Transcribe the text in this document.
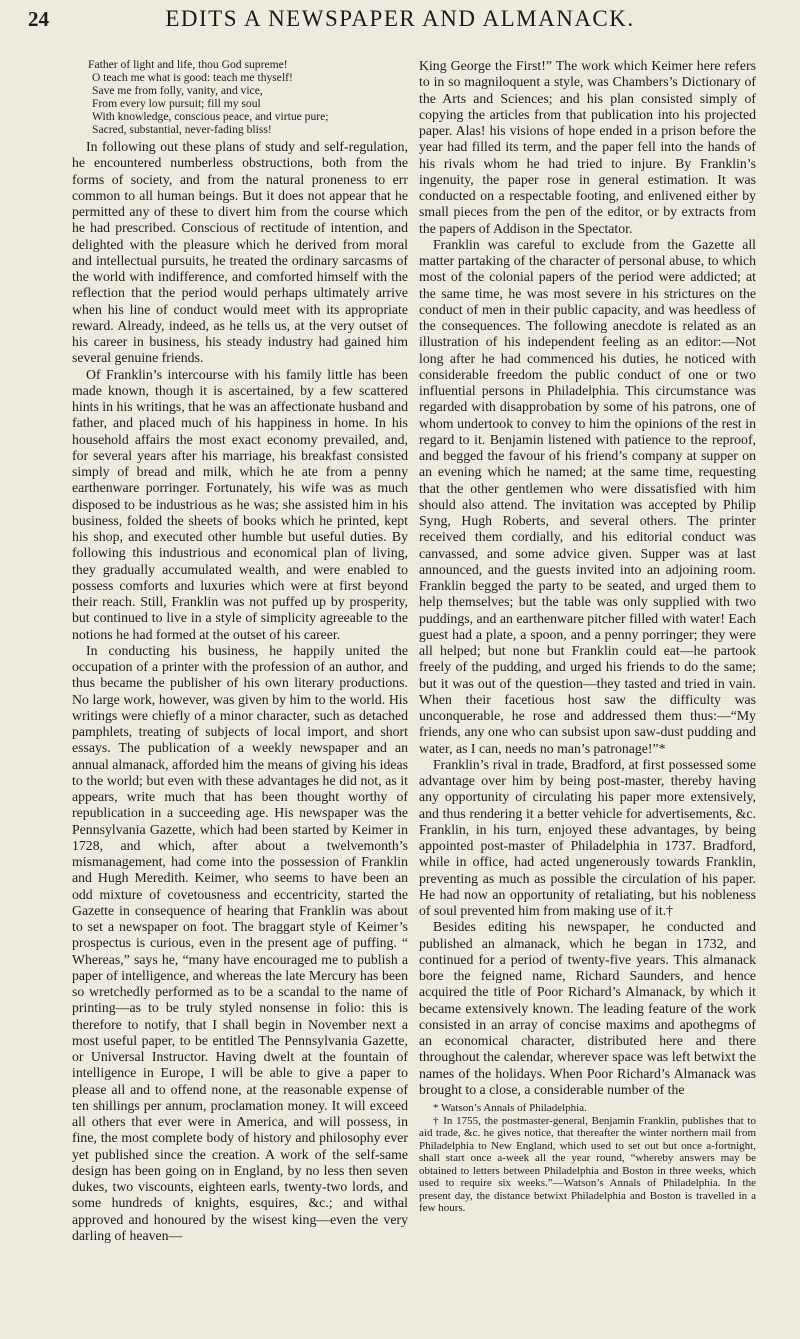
24	EDITS A NEWSPAPER AND ALMANACK.
Father of light and life, thou God supreme!
O teach me what is good: teach me thyself!
Save me from folly, vanity, and vice,
From every low pursuit; fill my soul
With knowledge, conscious peace, and virtue pure;
Sacred, substantial, never-fading bliss!

In following out these plans of study and self-regulation, he encountered numberless obstructions, both from the forms of society, and from the natural proneness to err common to all human beings. But it does not appear that he permitted any of these to divert him from the course which he had prescribed. Conscious of rectitude of intention, and delighted with the pleasure which he derived from moral and intellectual pursuits, he treated the ordinary sarcasms of the world with indifference, and comforted himself with the reflection that the period would perhaps ultimately arrive when his line of conduct would meet with its appropriate reward. Already, indeed, as he tells us, at the very outset of his career in business, his steady industry had gained him several genuine friends.

Of Franklin’s intercourse with his family little has been made known, though it is ascertained, by a few scattered hints in his writings, that he was an affectionate husband and father, and placed much of his happiness in home. In his household affairs the most exact economy prevailed, and, for several years after his marriage, his breakfast consisted simply of bread and milk, which he ate from a penny earthenware porringer. Fortunately, his wife was as much disposed to be industrious as he was; she assisted him in his business, folded the sheets of books which he printed, kept his shop, and executed other humble but useful duties. By following this industrious and economical plan of living, they gradually accumulated wealth, and were enabled to possess comforts and luxuries which were at first beyond their reach. Still, Franklin was not puffed up by prosperity, but continued to live in a style of simplicity agreeable to the notions he had formed at the outset of his career.

In conducting his business, he happily united the occupation of a printer with the profession of an author, and thus became the publisher of his own literary productions. No large work, however, was given by him to the world. His writings were chiefly of a minor character, such as detached pamphlets, treating of subjects of local import, and short essays. The publication of a weekly newspaper and an annual almanack, afforded him the means of giving his ideas to the world; but even with these advantages he did not, as it appears, write much that has been thought worthy of republication in a succeeding age. His newspaper was the Pennsylvania Gazette, which had been started by Keimer in 1728, and which, after about a twelvemonth’s mismanagement, had come into the possession of Franklin and Hugh Meredith. Keimer, who seems to have been an odd mixture of covetousness and eccentricity, started the Gazette in consequence of hearing that Franklin was about to set a newspaper on foot. The braggart style of Keimer’s prospectus is curious, even in the present age of puffing. “ Whereas,” says he, “many have encouraged me to publish a paper of intelligence, and whereas the late Mercury has been so wretchedly performed as to be a scandal to the name of printing—as to be truly styled nonsense in folio: this is therefore to notify, that I shall begin in November next a most useful paper, to be entitled The Pennsylvania Gazette, or Universal Instructor. Having dwelt at the fountain of intelligence in Europe, I will be able to give a paper to please all and to offend none, at the reasonable expense of ten shillings per annum, proclamation money. It will exceed all others that ever were in America, and will possess, in fine, the most complete body of history and philosophy ever yet published since the creation. A work of the self-same design has been going on in England, by no less then seven dukes, two viscounts, eighteen earls, twenty-two lords, and some hundreds of knights, esquires, &c.; and withal approved and honoured by the wisest king—even the very darling of heaven—

King George the First!” The work which Keimer here refers to in so magniloquent a style, was Chambers’s Dictionary of the Arts and Sciences; and his plan consisted simply of copying the articles from that publication into his projected paper. Alas! his visions of hope ended in a prison before the year had filled its term, and the paper fell into the hands of his rivals whom he had tried to injure. By Franklin’s ingenuity, the paper rose in general estimation. It was conducted on a respectable footing, and enlivened either by small pieces from the pen of the editor, or by extracts from the papers of Addison in the Spectator.

Franklin was careful to exclude from the Gazette all matter partaking of the character of personal abuse, to which most of the colonial papers of the period were addicted; at the same time, he was most severe in his strictures on the conduct of men in their public capacity, and was heedless of the consequences. The following anecdote is related as an illustration of his independent feeling as an editor:—Not long after he had commenced his duties, he noticed with considerable freedom the public conduct of one or two influential persons in Philadelphia. This circumstance was regarded with disapprobation by some of his patrons, one of whom undertook to convey to him the opinions of the rest in regard to it. Benjamin listened with patience to the reproof, and begged the favour of his friend’s company at supper on an evening which he named; at the same time, requesting that the other gentlemen who were dissatisfied with him should also attend. The invitation was accepted by Philip Syng, Hugh Roberts, and several others. The printer received them cordially, and his editorial conduct was canvassed, and some advice given. Supper was at last announced, and the guests invited into an adjoining room. Franklin begged the party to be seated, and urged them to help themselves; but the table was only supplied with two puddings, and an earthenware pitcher filled with water! Each guest had a plate, a spoon, and a penny porringer; they were all helped; but none but Franklin could eat—he partook freely of the pudding, and urged his friends to do the same; but it was out of the question—they tasted and tried in vain. When their facetious host saw the difficulty was unconquerable, he rose and addressed them thus:—“My friends, any one who can subsist upon saw-dust pudding and water, as I can, needs no man’s patronage!”*

Franklin’s rival in trade, Bradford, at first possessed some advantage over him by being post-master, thereby having any opportunity of circulating his paper more extensively, and thus rendering it a better vehicle for advertisements, &c. Franklin, in his turn, enjoyed these advantages, by being appointed post-master of Philadelphia in 1737. Bradford, while in office, had acted ungenerously towards Franklin, preventing as much as possible the circulation of his paper. He had now an opportunity of retaliating, but his nobleness of soul prevented him from making use of it.†

Besides editing his newspaper, he conducted and published an almanack, which he began in 1732, and continued for a period of twenty-five years. This almanack bore the feigned name, Richard Saunders, and hence acquired the title of Poor Richard’s Almanack, by which it became extensively known. The leading feature of the work consisted in an array of concise maxims and apothegms of an economical character, distributed here and there throughout the calendar, wherever space was left betwixt the names of the holidays. When Poor Richard’s Almanack was brought to a close, a considerable number of the

* Watson’s Annals of Philadelphia.

† In 1755, the postmaster-general, Benjamin Franklin, publishes that to aid trade, &c. he gives notice, that thereafter the winter northern mail from Philadelphia to New England, which used to set out but once a-fortnight, shall start once a-week all the year round, “whereby answers may be obtained to letters between Philadelphia and Boston in three weeks, which used to require six weeks.”—Watson’s Annals of Philadelphia. In the present day, the distance betwixt Philadelphia and Boston is travelled in a few hours.
